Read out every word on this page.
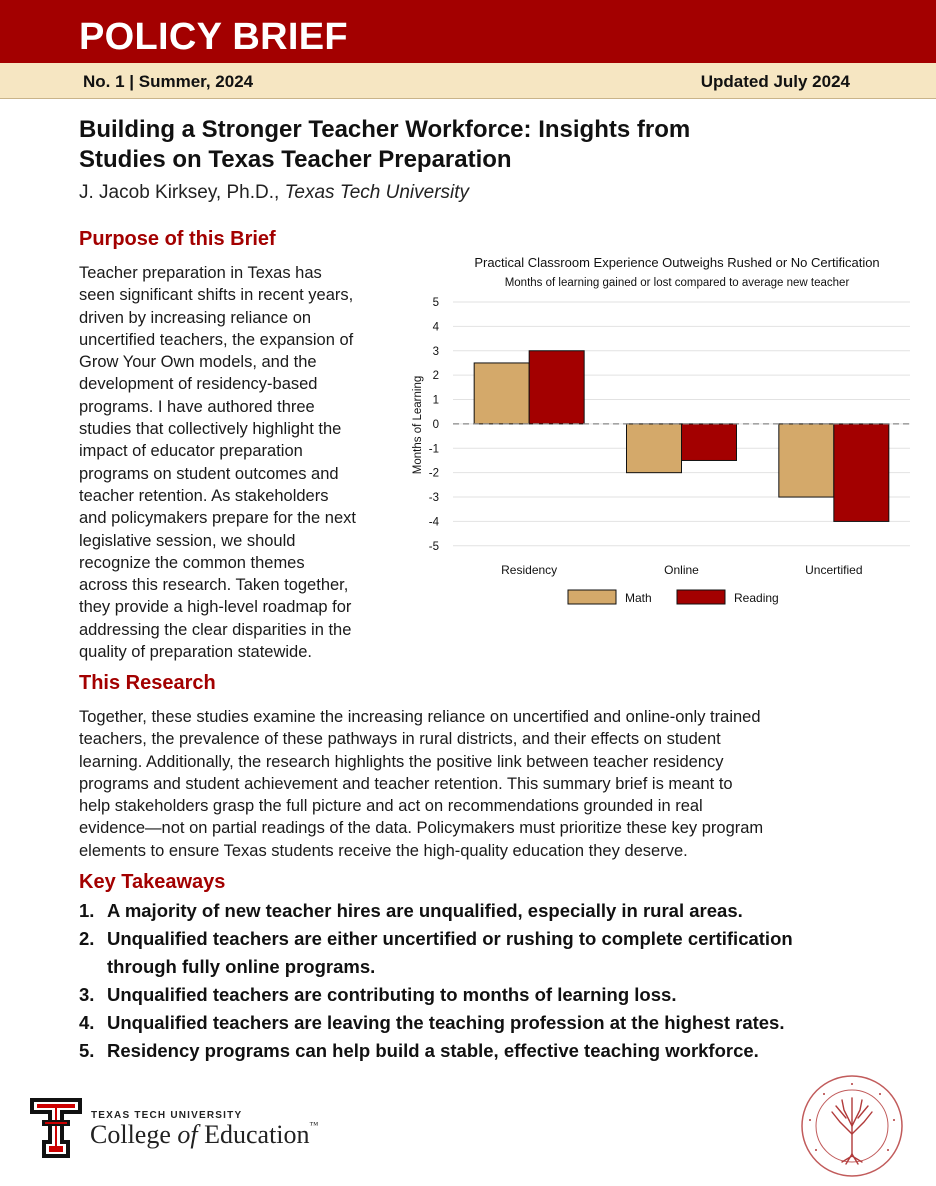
POLICY BRIEF
No. 1 | Summer, 2024	Updated July 2024
Building a Stronger Teacher Workforce: Insights from
Studies on Texas Teacher Preparation
J. Jacob Kirksey, Ph.D., Texas Tech University
Purpose of this Brief
Teacher preparation in Texas has
seen significant shifts in recent years,
driven by increasing reliance on
uncertified teachers, the expansion of
Grow Your Own models, and the
development of residency-based
programs. I have authored three
studies that collectively highlight the
impact of educator preparation
programs on student outcomes and
teacher retention. As stakeholders
and policymakers prepare for the next
legislative session, we should
recognize the common themes
across this research. Taken together,
they provide a high-level roadmap for
addressing the clear disparities in the
quality of preparation statewide.
Practical Classroom Experience Outweighs Rushed or No Certification
Months of learning gained or lost compared to average new teacher
Months of Learning
5
4
3
2
1
0
-1
-2
-3
-4
-5
Residency	Online	Uncertified
Math	Reading
This Research
Together, these studies examine the increasing reliance on uncertified and online-only trained
teachers, the prevalence of these pathways in rural districts, and their effects on student
learning. Additionally, the research highlights the positive link between teacher residency
programs and student achievement and teacher retention. This summary brief is meant to
help stakeholders grasp the full picture and act on recommendations grounded in real
evidence—not on partial readings of the data. Policymakers must prioritize these key program
elements to ensure Texas students receive the high-quality education they deserve.
Key Takeaways
1. A majority of new teacher hires are unqualified, especially in rural areas.
2. Unqualified teachers are either uncertified or rushing to complete certification
through fully online programs.
3. Unqualified teachers are contributing to months of learning loss.
4. Unqualified teachers are leaving the teaching profession at the highest rates.
5. Residency programs can help build a stable, effective teaching workforce.
TEXAS TECH UNIVERSITY
College of Education™
